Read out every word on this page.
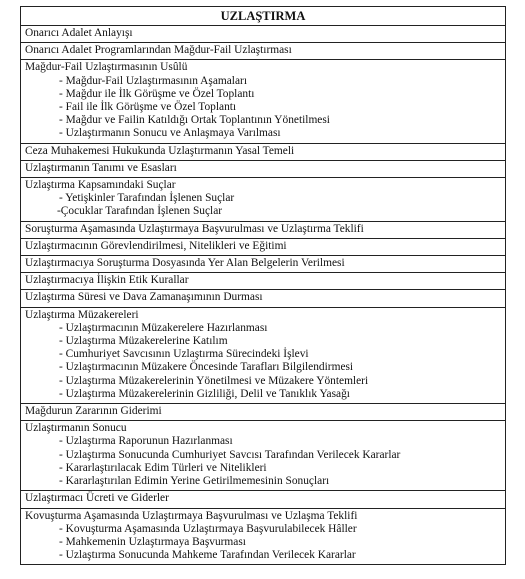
UZLAŞTIRMA

Onarıcı Adalet Anlayışı

Onarıcı Adalet Programlarından Mağdur-Fail Uzlaştırması

Mağdur-Fail Uzlaştırmasının Usûlü
- Mağdur-Fail Uzlaştırmasının Aşamaları
- Mağdur ile İlk Görüşme ve Özel Toplantı
- Fail ile İlk Görüşme ve Özel Toplantı
- Mağdur ve Failin Katıldığı Ortak Toplantının Yönetilmesi
- Uzlaştırmanın Sonucu ve Anlaşmaya Varılması

Ceza Muhakemesi Hukukunda Uzlaştırmanın Yasal Temeli

Uzlaştırmanın Tanımı ve Esasları

Uzlaştırma Kapsamındaki Suçlar
- Yetişkinler Tarafından İşlenen Suçlar
-Çocuklar Tarafından İşlenen Suçlar

Soruşturma Aşamasında Uzlaştırmaya Başvurulması ve Uzlaştırma Teklifi

Uzlaştırmacının Görevlendirilmesi, Nitelikleri ve Eğitimi

Uzlaştırmacıya Soruşturma Dosyasında Yer Alan Belgelerin Verilmesi

Uzlaştırmacıya İlişkin Etik Kurallar

Uzlaştırma Süresi ve Dava Zamanaşımının Durması

Uzlaştırma Müzakereleri
- Uzlaştırmacının Müzakerelere Hazırlanması
- Uzlaştırma Müzakerelerine Katılım
- Cumhuriyet Savcısının Uzlaştırma Sürecindeki İşlevi
- Uzlaştırmacının Müzakere Öncesinde Tarafları Bilgilendirmesi
- Uzlaştırma Müzakerelerinin Yönetilmesi ve Müzakere Yöntemleri
- Uzlaştırma Müzakerelerinin Gizliliği, Delil ve Tanıklık Yasağı

Mağdurun Zararının Giderimi

Uzlaştırmanın Sonucu
- Uzlaştırma Raporunun Hazırlanması
- Uzlaştırma Sonucunda Cumhuriyet Savcısı Tarafından Verilecek Kararlar
- Kararlaştırılacak Edim Türleri ve Nitelikleri
- Kararlaştırılan Edimin Yerine Getirilmemesinin Sonuçları

Uzlaştırmacı Ücreti ve Giderler

Kovuşturma Aşamasında Uzlaştırmaya Başvurulması ve Uzlaşma Teklifi
- Kovuşturma Aşamasında Uzlaştırmaya Başvurulabilecek Hâller
- Mahkemenin Uzlaştırmaya Başvurması
- Uzlaştırma Sonucunda Mahkeme Tarafından Verilecek Kararlar
